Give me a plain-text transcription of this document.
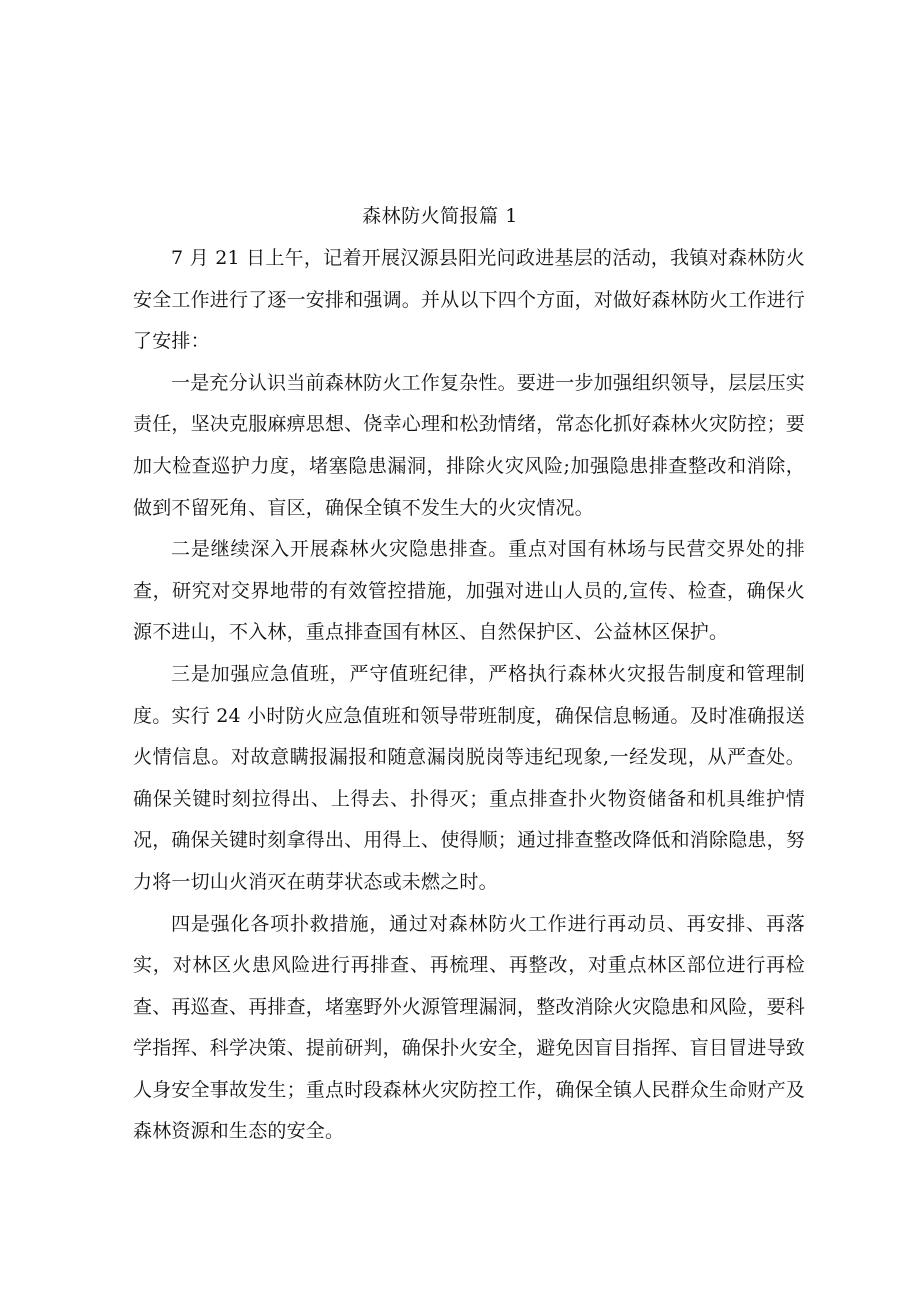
森林防火简报篇 1

7 月 21 日上午，记着开展汉源县阳光问政进基层的活动，我镇对森林防火安全工作进行了逐一安排和强调。并从以下四个方面，对做好森林防火工作进行了安排：

一是充分认识当前森林防火工作复杂性。要进一步加强组织领导，层层压实责任，坚决克服麻痹思想、侥幸心理和松劲情绪，常态化抓好森林火灾防控；要加大检查巡护力度，堵塞隐患漏洞，排除火灾风险;加强隐患排查整改和消除，做到不留死角、盲区，确保全镇不发生大的火灾情况。

二是继续深入开展森林火灾隐患排查。重点对国有林场与民营交界处的排查，研究对交界地带的有效管控措施，加强对进山人员的,宣传、检查，确保火源不进山，不入林，重点排查国有林区、自然保护区、公益林区保护。

三是加强应急值班，严守值班纪律，严格执行森林火灾报告制度和管理制度。实行 24 小时防火应急值班和领导带班制度，确保信息畅通。及时准确报送火情信息。对故意瞒报漏报和随意漏岗脱岗等违纪现象,一经发现，从严查处。确保关键时刻拉得出、上得去、扑得灭；重点排查扑火物资储备和机具维护情况，确保关键时刻拿得出、用得上、使得顺；通过排查整改降低和消除隐患，努力将一切山火消灭在萌芽状态或未燃之时。

四是强化各项扑救措施，通过对森林防火工作进行再动员、再安排、再落实，对林区火患风险进行再排查、再梳理、再整改，对重点林区部位进行再检查、再巡查、再排查，堵塞野外火源管理漏洞，整改消除火灾隐患和风险，要科学指挥、科学决策、提前研判，确保扑火安全，避免因盲目指挥、盲目冒进导致人身安全事故发生；重点时段森林火灾防控工作，确保全镇人民群众生命财产及森林资源和生态的安全。
